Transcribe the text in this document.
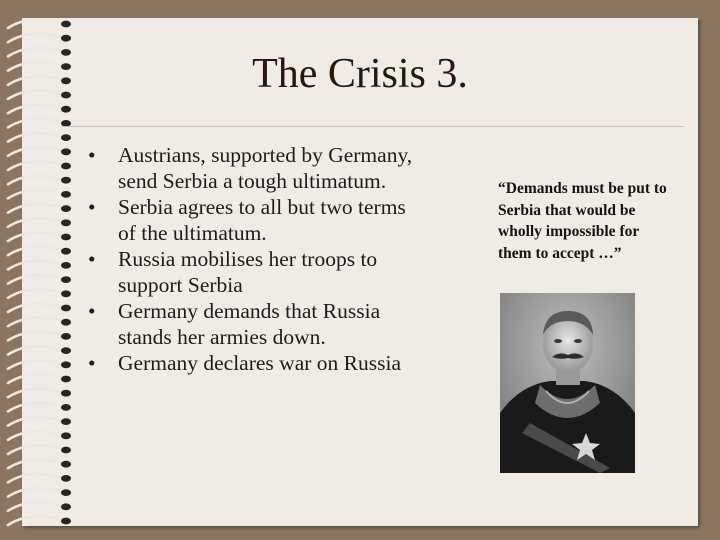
The Crisis 3.
• Austrians, supported by Germany, send Serbia a tough ultimatum.
• Serbia agrees to all but two terms of the ultimatum.
• Russia mobilises her troops to support Serbia
• Germany demands that Russia stands her armies down.
• Germany declares war on Russia
“Demands must be put to Serbia that would be wholly impossible for them to accept …”
